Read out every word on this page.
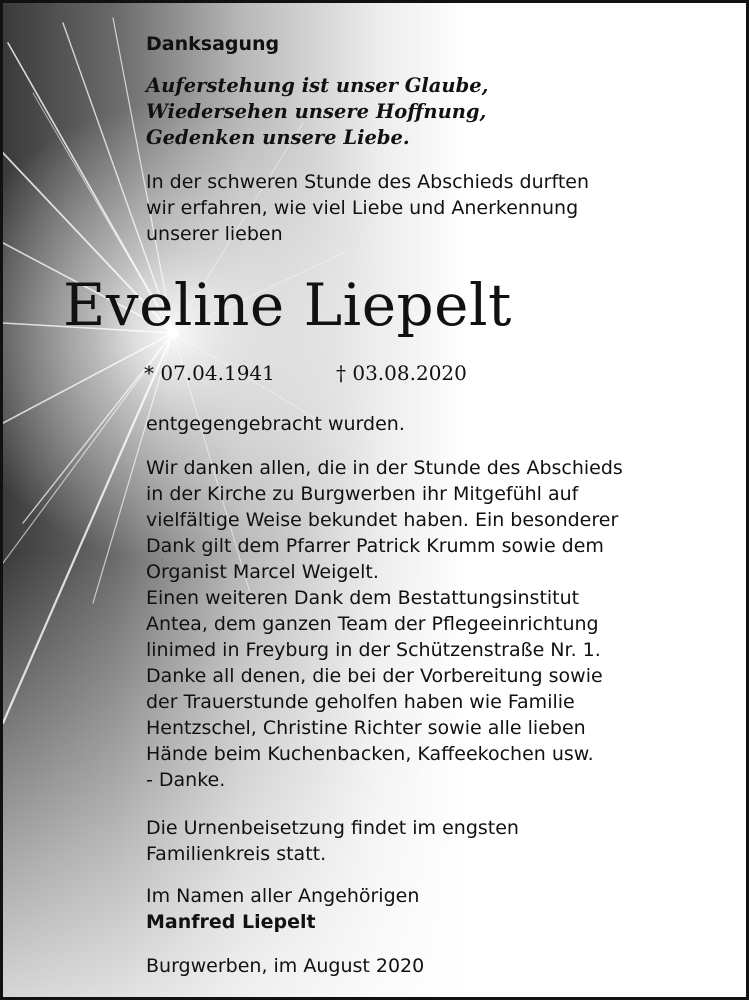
Danksagung
Auferstehung ist unser Glaube,
Wiedersehen unsere Hoffnung,
Gedenken unsere Liebe.
In der schweren Stunde des Abschieds durften
wir erfahren, wie viel Liebe und Anerkennung
unserer lieben
Eveline Liepelt
* 07.04.1941	† 03.08.2020
entgegengebracht wurden.
Wir danken allen, die in der Stunde des Abschieds
in der Kirche zu Burgwerben ihr Mitgefühl auf
vielfältige Weise bekundet haben. Ein besonderer
Dank gilt dem Pfarrer Patrick Krumm sowie dem
Organist Marcel Weigelt.
Einen weiteren Dank dem Bestattungsinstitut
Antea, dem ganzen Team der Pflegeeinrichtung
linimed in Freyburg in der Schützenstraße Nr. 1.
Danke all denen, die bei der Vorbereitung sowie
der Trauerstunde geholfen haben wie Familie
Hentzschel, Christine Richter sowie alle lieben
Hände beim Kuchenbacken, Kaffeekochen usw.
- Danke.
Die Urnenbeisetzung findet im engsten
Familienkreis statt.
Im Namen aller Angehörigen
Manfred Liepelt
Burgwerben, im August 2020
